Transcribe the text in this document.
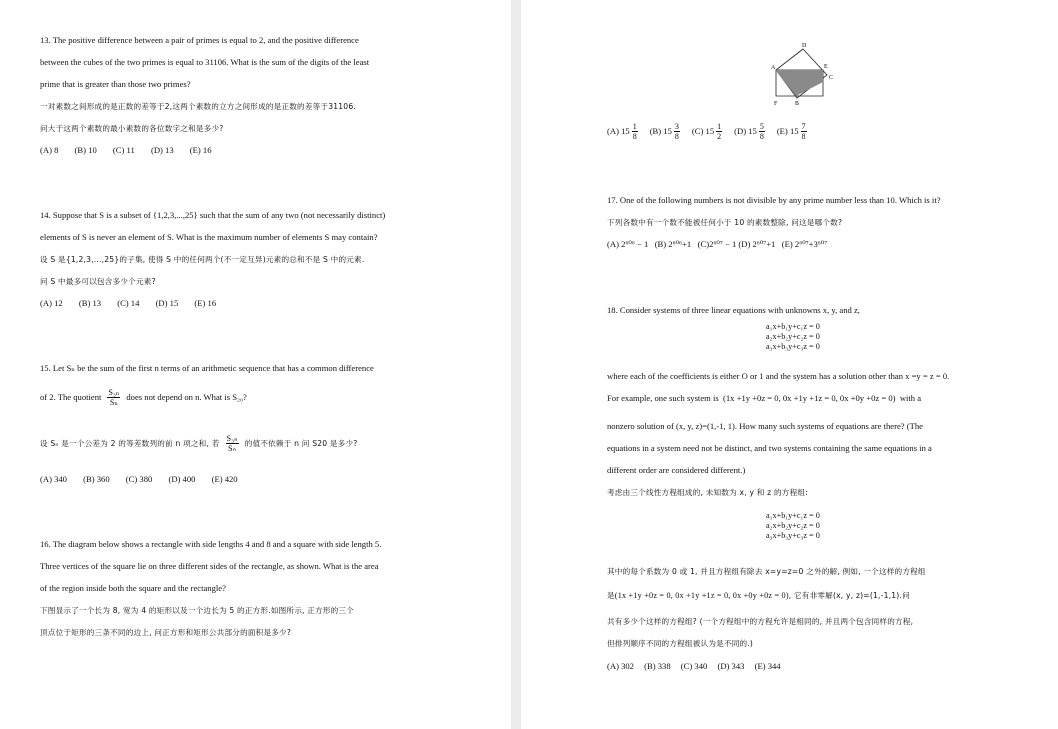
13. The positive difference between a pair of primes is equal to 2, and the positive difference
between the cubes of the two primes is equal to 31106. What is the sum of the digits of the least
prime that is greater than those two primes?
一对素数之间形成的是正数的差等于2,这两个素数的立方之间形成的是正数的差等于31106.
问大于这两个素数的最小素数的各位数字之和是多少?
(A) 8 (B) 10 (C) 11 (D) 13 (E) 16
14. Suppose that S is a subset of {1,2,3,...,25} such that the sum of any two (not necessarily distinct)
elements of S is never an element of S. What is the maximum number of elements S may contain?
设 S 是{1,2,3,...,25}的子集, 使得 S 中的任何两个(不一定互异)元素的总和不是 S 中的元素.
问 S 中最多可以包含多少个元素?
(A) 12 (B) 13 (C) 14 (D) 15 (E) 16
15. Let Sₙ be the sum of the first n terms of an arithmetic sequence that has a common difference
of 2. The quotient $\frac{\text{S₃ₙ}}{\text{Sₙ}}$ does not depend on n. What is S₂₀?
设 Sₙ 是一个公差为 2 的等差数列的前 n 项之和, 若 $\frac{\text{S₃ₙ}}{\text{Sₙ}}$ 的值不依赖于 n 问 S20 是多少?
(A) 340 (B) 360 (C) 380 (D) 400 (E) 420
16. The diagram below shows a rectangle with side lengths 4 and 8 and a square with side length 5.
Three vertices of the square lie on three different sides of the rectangle, as shown. What is the area
of the region inside both the square and the rectangle?
下图显示了一个长为 8, 宽为 4 的矩形以及一个边长为 5 的正方形.如图所示, 正方形的三个
顶点位于矩形的三条不同的边上, 问正方形和矩形公共部分的面积是多少?
D
A	E
C
F	B
(A)
$15 \frac{1}{8} (B)$
$15 \frac{3}{8} (C)$
$15 \frac{1}{2} (D)$
$15 \frac{5}{8} (E)$
$15 \frac{7}{8}$
17. One of the following numbers is not divisible by any prime number less than 10. Which is it?
下列各数中有一个数不能被任何小于 10 的素数整除, 问这是哪个数?
(A) 2⁶⁰⁶ − 1   (B) 2⁶⁰⁶+1   (C)2⁶⁰⁷ − 1 (D) 2⁶⁰⁷+1   (E) 2⁶⁰⁷+3⁶⁰⁷
18. Consider systems of three linear equations with unknowns x, y, and z,
a₁x+b₁y+c₁z = 0
a₂x+b₂y+c₂z = 0
a₃x+b₃y+c₃z = 0
where each of the coefficients is either O or 1 and the system has a solution other than x =y = z = 0.
For example, one such system is (1x +1y +0z = 0, 0x +1y +1z = 0, 0x +0y +0z = 0) with a
nonzero solution of (x, y, z)=(1,-1, 1). How many such systems of equations are there? (The
equations in a system need not be distinct, and two systems containing the same equations in a
different order are considered different.)
考虑由三个线性方程组成的, 未知数为 x, y 和 z 的方程组:
a₁x+b₁y+c₁z = 0
a₂x+b₂y+c₂z = 0
a₃x+b₃y+c₃z = 0
其中的每个系数为 0 或 1, 并且方程组有除去 x=y=z=0 之外的解, 例如, 一个这样的方程组
是(1x +1y +0z = 0, 0x +1y +1z = 0, 0x +0y +0z = 0), 它有非零解(x, y, z)=(1,-1,1).问
共有多少个这样的方程组? (一个方程组中的方程允许是相同的, 并且两个包含同样的方程,
但排列顺序不同的方程组被认为是不同的.)
(A) 302 (B) 338 (C) 340 (D) 343 (E) 344
